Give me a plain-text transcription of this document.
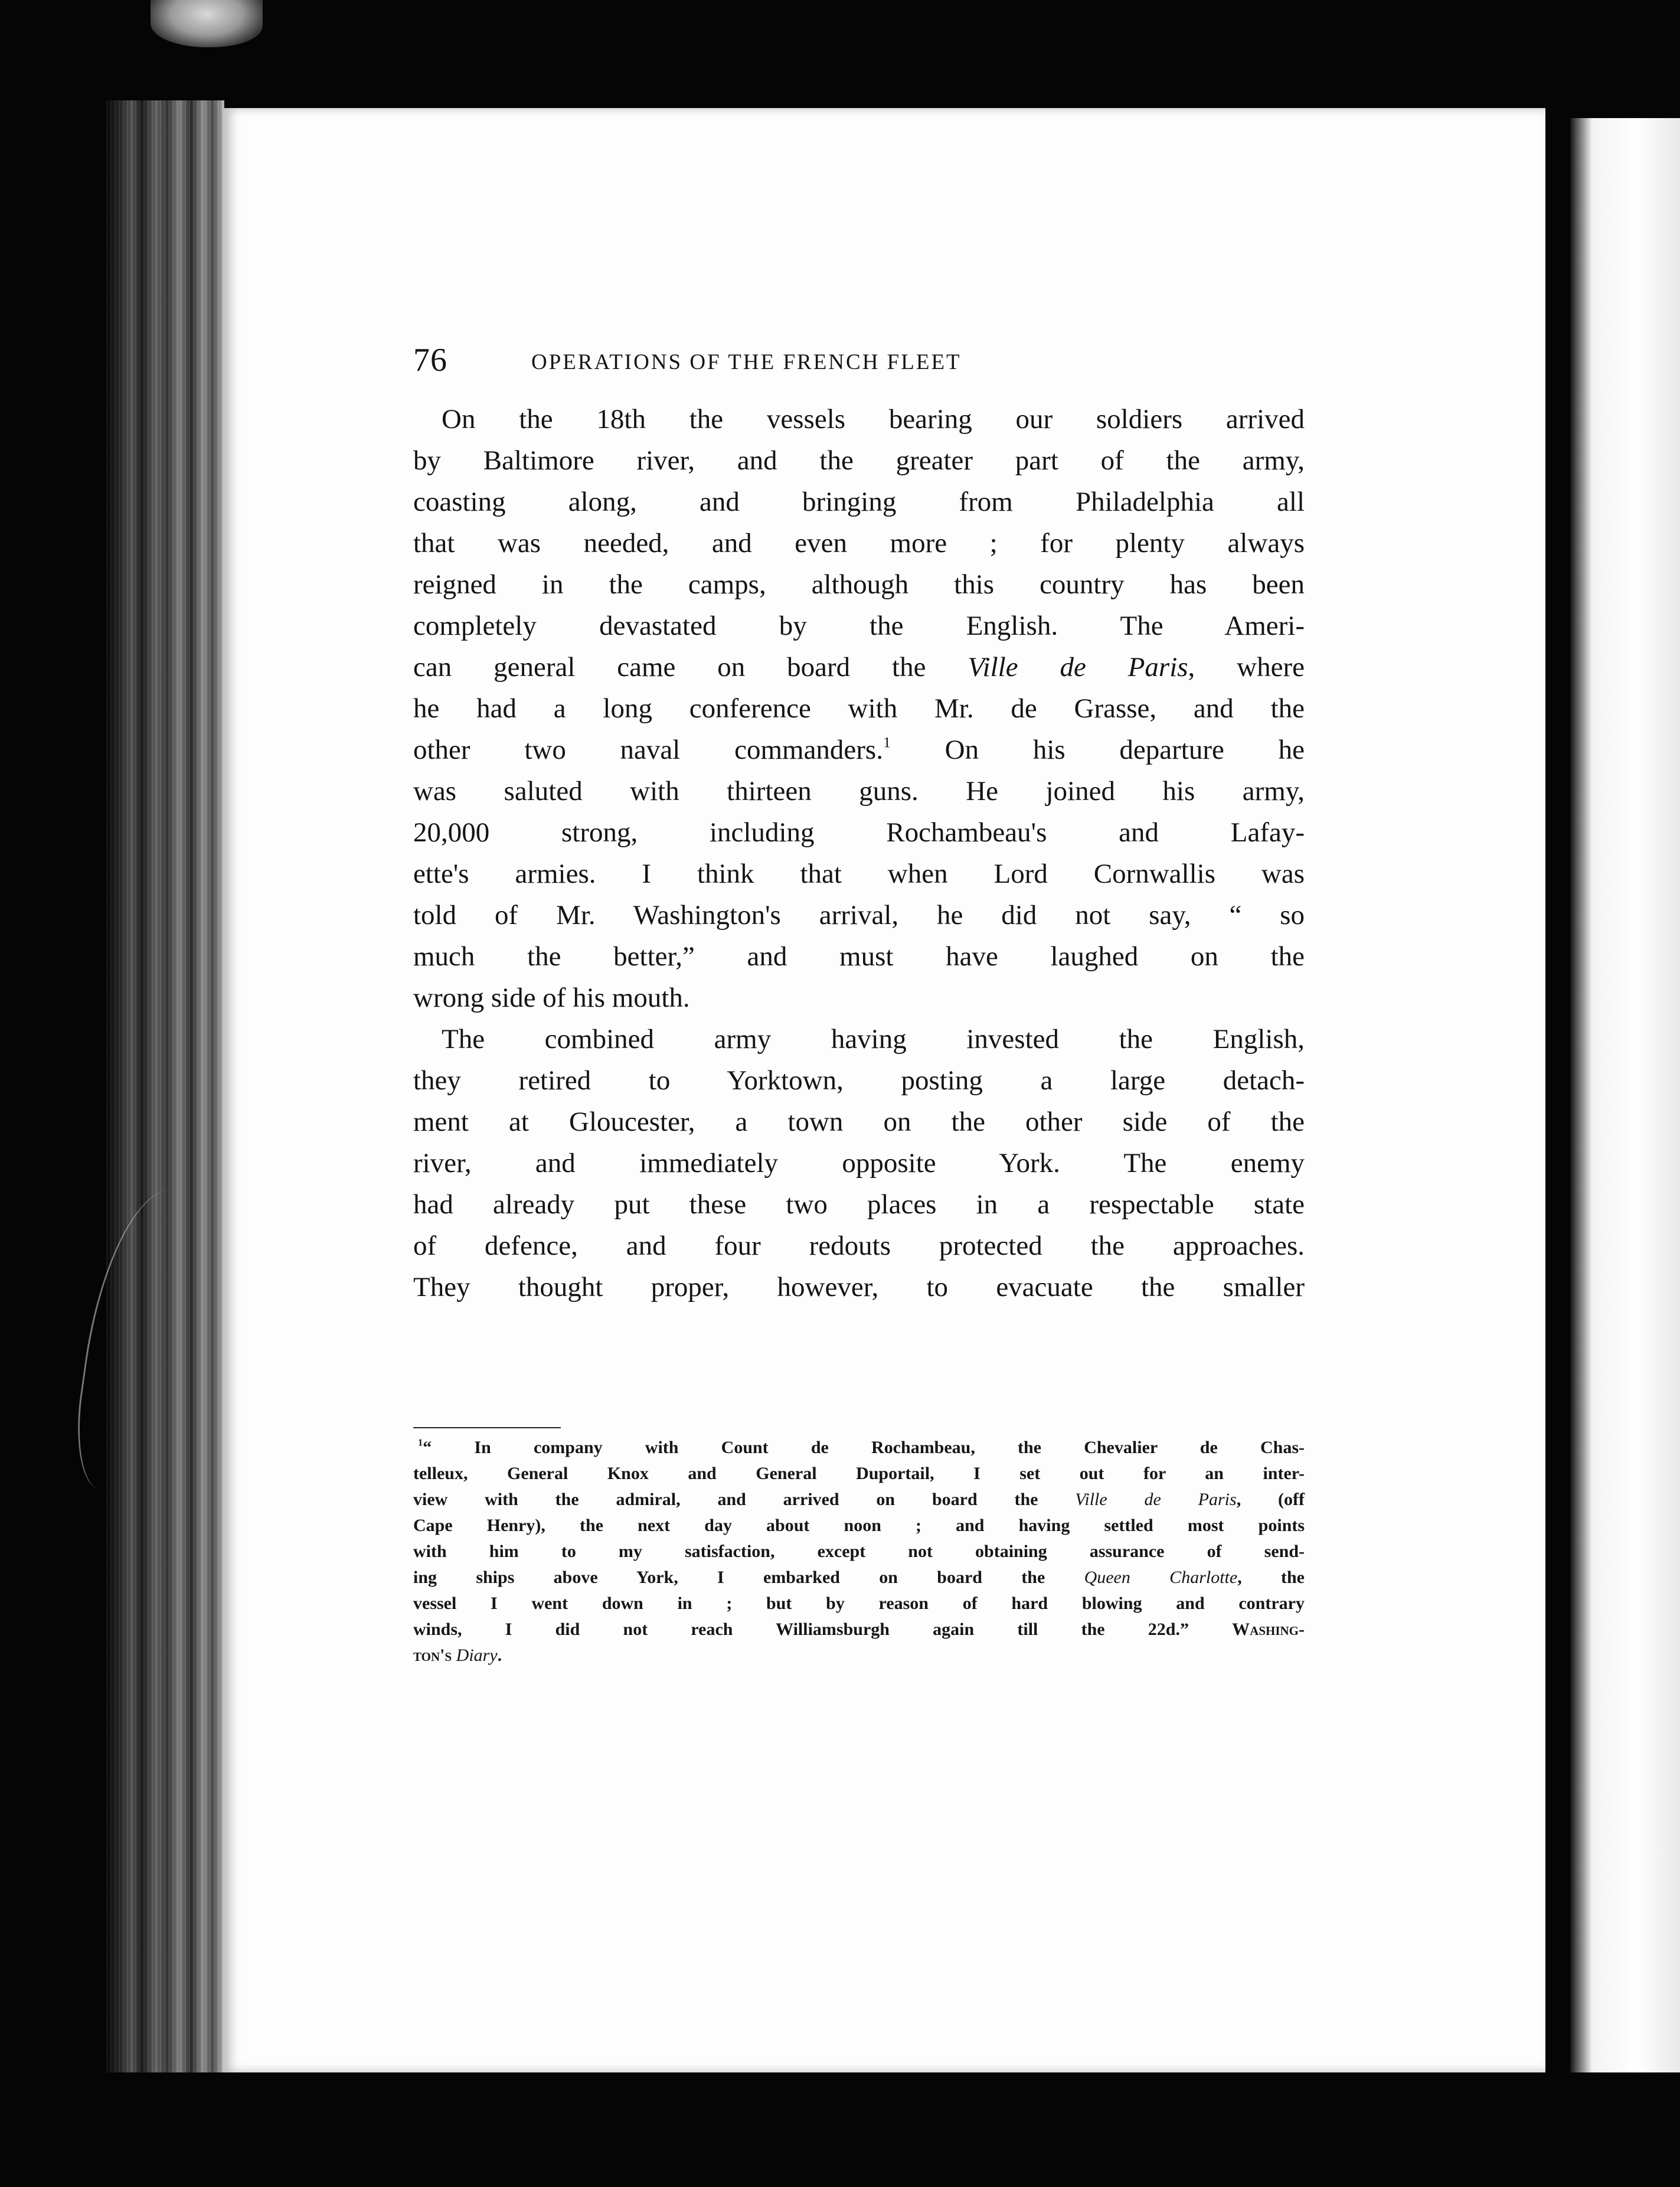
76	OPERATIONS OF THE FRENCH FLEET
On the 18th the vessels bearing our soldiers arrived
by Baltimore river, and the greater part of the army,
coasting along, and bringing from Philadelphia all
that was needed, and even more ; for plenty always
reigned in the camps, although this country has been
completely devastated by the English. The Ameri-
can general came on board the Ville de Paris, where
he had a long conference with Mr. de Grasse, and the
other two naval commanders.$^1$ On his departure he
was saluted with thirteen guns. He joined his army,
20,000 strong, including Rochambeau's and Lafay-
ette's armies. I think that when Lord Cornwallis was
told of Mr. Washington's arrival, he did not say, “ so
much the better,” and must have laughed on the
wrong side of his mouth.
The combined army having invested the English,
they retired to Yorktown, posting a large detach-
ment at Gloucester, a town on the other side of the
river, and immediately opposite York. The enemy
had already put these two places in a respectable state
of defence, and four redouts protected the approaches.
They thought proper, however, to evacuate the smaller
$^1$“ In company with Count de Rochambeau, the Chevalier de Chas-
telleux, General Knox and General Duportail, I set out for an inter-
view with the admiral, and arrived on board the Ville de Paris, (off
Cape Henry), the next day about noon ; and having settled most points
with him to my satisfaction, except not obtaining assurance of send-
ing ships above York, I embarked on board the Queen Charlotte, the
vessel I went down in ; but by reason of hard blowing and contrary
winds, I did not reach Williamsburgh again till the 22d.” Washing-
ton's Diary.
